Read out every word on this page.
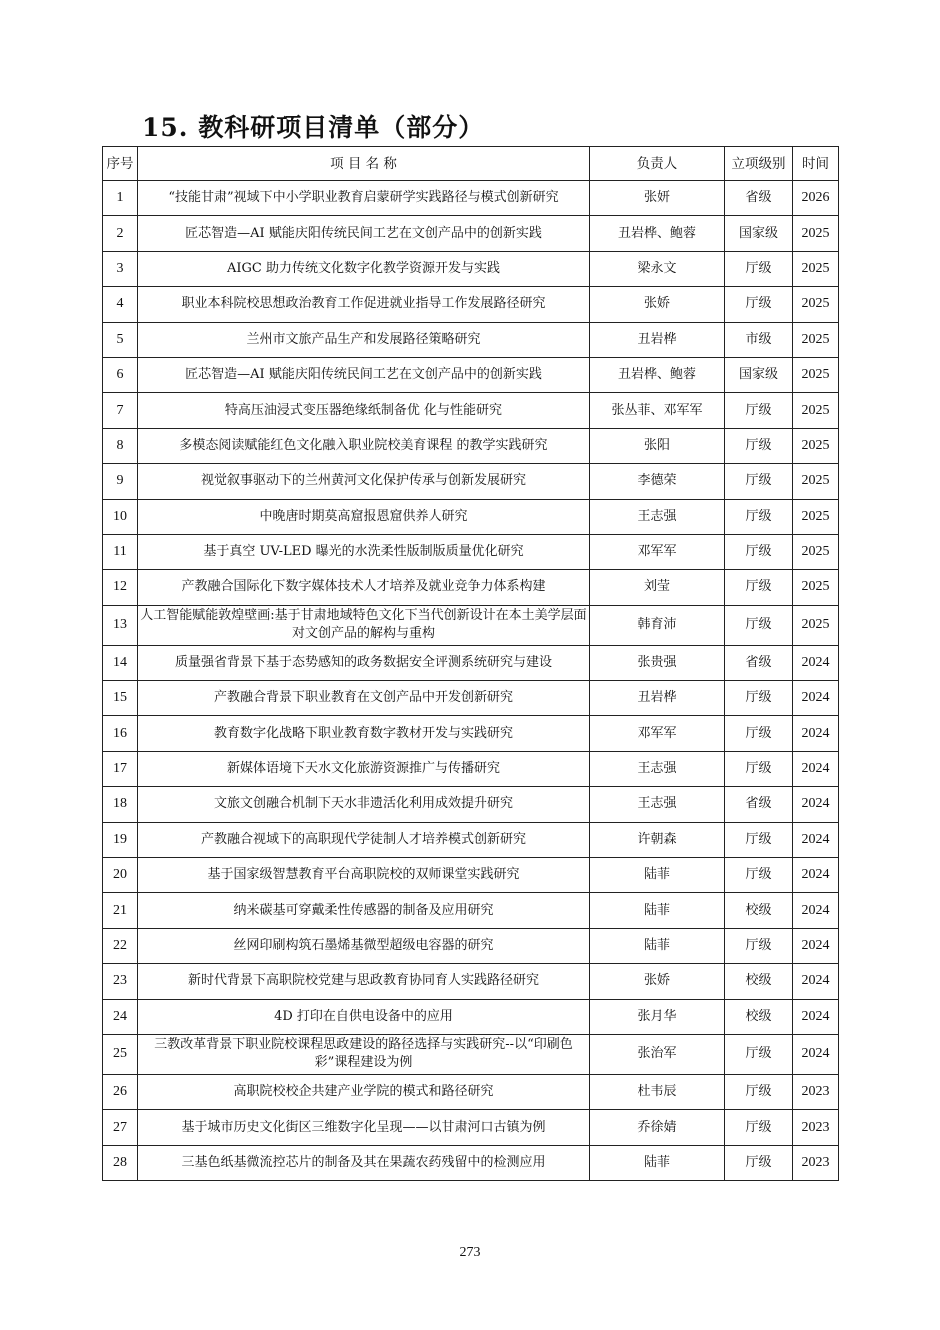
15. 教科研项目清单（部分）
序号	项 目 名 称	负责人	立项级别	时间
1	“技能甘肃”视域下中小学职业教育启蒙研学实践路径与模式创新研究	张妍	省级	2026
2	匠芯智造—AI 赋能庆阳传统民间工艺在文创产品中的创新实践	丑岩桦、鲍蓉	国家级	2025
3	AIGC 助力传统文化数字化教学资源开发与实践	梁永文	厅级	2025
4	职业本科院校思想政治教育工作促进就业指导工作发展路径研究	张娇	厅级	2025
5	兰州市文旅产品生产和发展路径策略研究	丑岩桦	市级	2025
6	匠芯智造—AI 赋能庆阳传统民间工艺在文创产品中的创新实践	丑岩桦、鲍蓉	国家级	2025
7	特高压油浸式变压器绝缘纸制备优 化与性能研究	张丛菲、邓军军	厅级	2025
8	多模态阅读赋能红色文化融入职业院校美育课程 的教学实践研究	张阳	厅级	2025
9	视觉叙事驱动下的兰州黄河文化保护传承与创新发展研究	李德荣	厅级	2025
10	中晚唐时期莫高窟报恩窟供养人研究	王志强	厅级	2025
11	基于真空 UV-LED 曝光的水洗柔性版制版质量优化研究	邓军军	厅级	2025
12	产教融合国际化下数字媒体技术人才培养及就业竞争力体系构建	刘莹	厅级	2025
13	人工智能赋能敦煌壁画:基于甘肃地域特色文化下当代创新设计在本土美学层面对文创产品的解构与重构	韩育沛	厅级	2025
14	质量强省背景下基于态势感知的政务数据安全评测系统研究与建设	张贵强	省级	2024
15	产教融合背景下职业教育在文创产品中开发创新研究	丑岩桦	厅级	2024
16	教育数字化战略下职业教育数字教材开发与实践研究	邓军军	厅级	2024
17	新媒体语境下天水文化旅游资源推广与传播研究	王志强	厅级	2024
18	文旅文创融合机制下天水非遗活化利用成效提升研究	王志强	省级	2024
19	产教融合视域下的高职现代学徒制人才培养模式创新研究	许朝森	厅级	2024
20	基于国家级智慧教育平台高职院校的双师课堂实践研究	陆菲	厅级	2024
21	纳米碳基可穿戴柔性传感器的制备及应用研究	陆菲	校级	2024
22	丝网印刷构筑石墨烯基微型超级电容器的研究	陆菲	厅级	2024
23	新时代背景下高职院校党建与思政教育协同育人实践路径研究	张娇	校级	2024
24	4D 打印在自供电设备中的应用	张月华	校级	2024
25	三教改革背景下职业院校课程思政建设的路径选择与实践研究--以“印刷色彩”课程建设为例	张治军	厅级	2024
26	高职院校校企共建产业学院的模式和路径研究	杜韦辰	厅级	2023
27	基于城市历史文化街区三维数字化呈现——以甘肃河口古镇为例	乔徐婧	厅级	2023
28	三基色纸基微流控芯片的制备及其在果蔬农药残留中的检测应用	陆菲	厅级	2023
273
